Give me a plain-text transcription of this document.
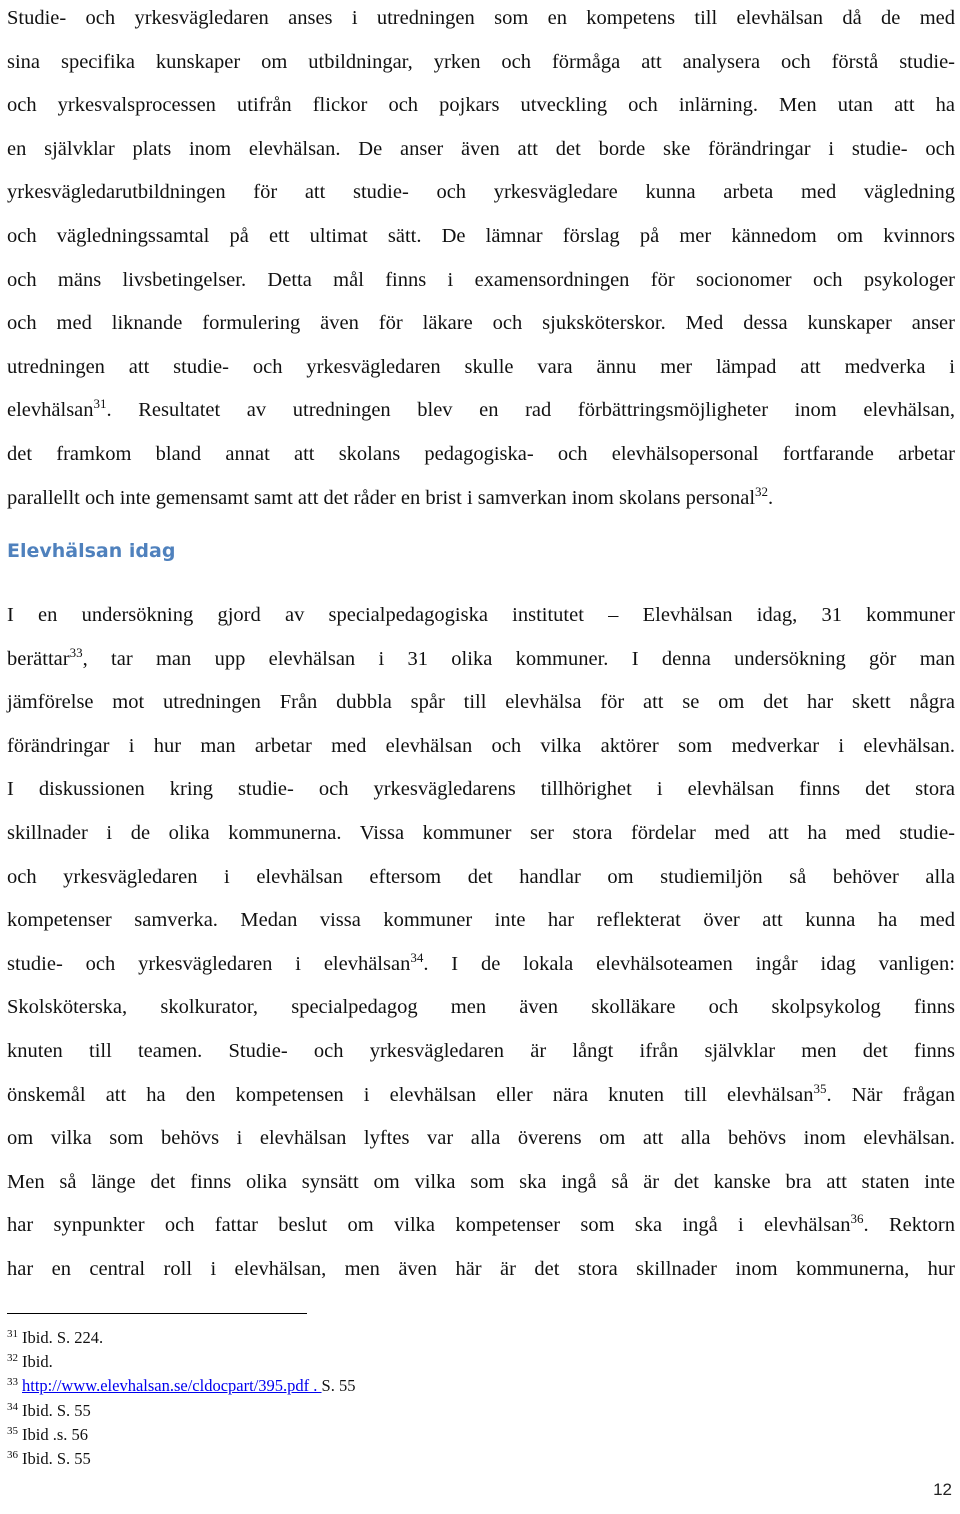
Studie- och yrkesvägledaren anses i utredningen som en kompetens till elevhälsan då de med
sina specifika kunskaper om utbildningar, yrken och förmåga att analysera och förstå studie-
och yrkesvalsprocessen utifrån flickor och pojkars utveckling och inlärning. Men utan att ha
en självklar plats inom elevhälsan. De anser även att det borde ske förändringar i studie- och
yrkesvägledarutbildningen för att studie- och yrkesvägledare kunna arbeta med vägledning
och vägledningssamtal på ett ultimat sätt. De lämnar förslag på mer kännedom om kvinnors
och mäns livsbetingelser. Detta mål finns i examensordningen för socionomer och psykologer
och med liknande formulering även för läkare och sjuksköterskor. Med dessa kunskaper anser
utredningen att studie- och yrkesvägledaren skulle vara ännu mer lämpad att medverka i
elevhälsan$^{31}$. Resultatet av utredningen blev en rad förbättringsmöjligheter inom elevhälsan,
det framkom bland annat att skolans pedagogiska- och elevhälsopersonal fortfarande arbetar
parallellt och inte gemensamt samt att det råder en brist i samverkan inom skolans personal$^{32}$.

Elevhälsan idag

I en undersökning gjord av specialpedagogiska institutet – Elevhälsan idag, 31 kommuner
berättar$^{33}$, tar man upp elevhälsan i 31 olika kommuner. I denna undersökning gör man
jämförelse mot utredningen Från dubbla spår till elevhälsa för att se om det har skett några
förändringar i hur man arbetar med elevhälsan och vilka aktörer som medverkar i elevhälsan.
I diskussionen kring studie- och yrkesvägledarens tillhörighet i elevhälsan finns det stora
skillnader i de olika kommunerna. Vissa kommuner ser stora fördelar med att ha med studie-
och yrkesvägledaren i elevhälsan eftersom det handlar om studiemiljön så behöver alla
kompetenser samverka. Medan vissa kommuner inte har reflekterat över att kunna ha med
studie- och yrkesvägledaren i elevhälsan$^{34}$. I de lokala elevhälsoteamen ingår idag vanligen:
Skolsköterska, skolkurator, specialpedagog men även skolläkare och skolpsykolog finns
knuten till teamen. Studie- och yrkesvägledaren är långt ifrån självklar men det finns
önskemål att ha den kompetensen i elevhälsan eller nära knuten till elevhälsan$^{35}$. När frågan
om vilka som behövs i elevhälsan lyftes var alla överens om att alla behövs inom elevhälsan.
Men så länge det finns olika synsätt om vilka som ska ingå så är det kanske bra att staten inte
har synpunkter och fattar beslut om vilka kompetenser som ska ingå i elevhälsan$^{36}$. Rektorn
har en central roll i elevhälsan, men även här är det stora skillnader inom kommunerna, hur

$^{31}$ Ibid. S. 224.
$^{32}$ Ibid.
$^{33}$ http://www.elevhalsan.se/cldocpart/395.pdf . S. 55
$^{34}$ Ibid. S. 55
$^{35}$ Ibid .s. 56
$^{36}$ Ibid. S. 55
12
